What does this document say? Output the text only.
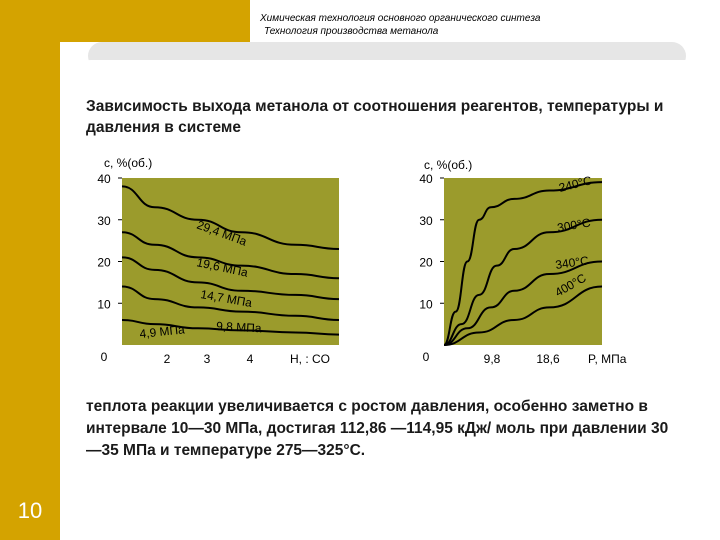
10
Химическая технология основного органического синтеза
Технология производства метанола
Зависимость выхода метанола от соотношения реагентов, температуры и давления в системе
0
10
20
30
40
2	3	4
с, %(об.)
H, : CO
29,4 МПа
19,6 МПа
14,7 МПа
9,8 МПа
4,9 МПа
0
10
20
30
40
9,8	18,6
с, %(об.)
P, МПа
240°С
300°С
340°С
400°С
теплота реакции увеличивается с ростом давления, особенно заметно в интервале 10—30 МПа, достигая 112,86 —114,95 кДж/ моль при давлении 30—35 МПа и температуре 275—325°С.
